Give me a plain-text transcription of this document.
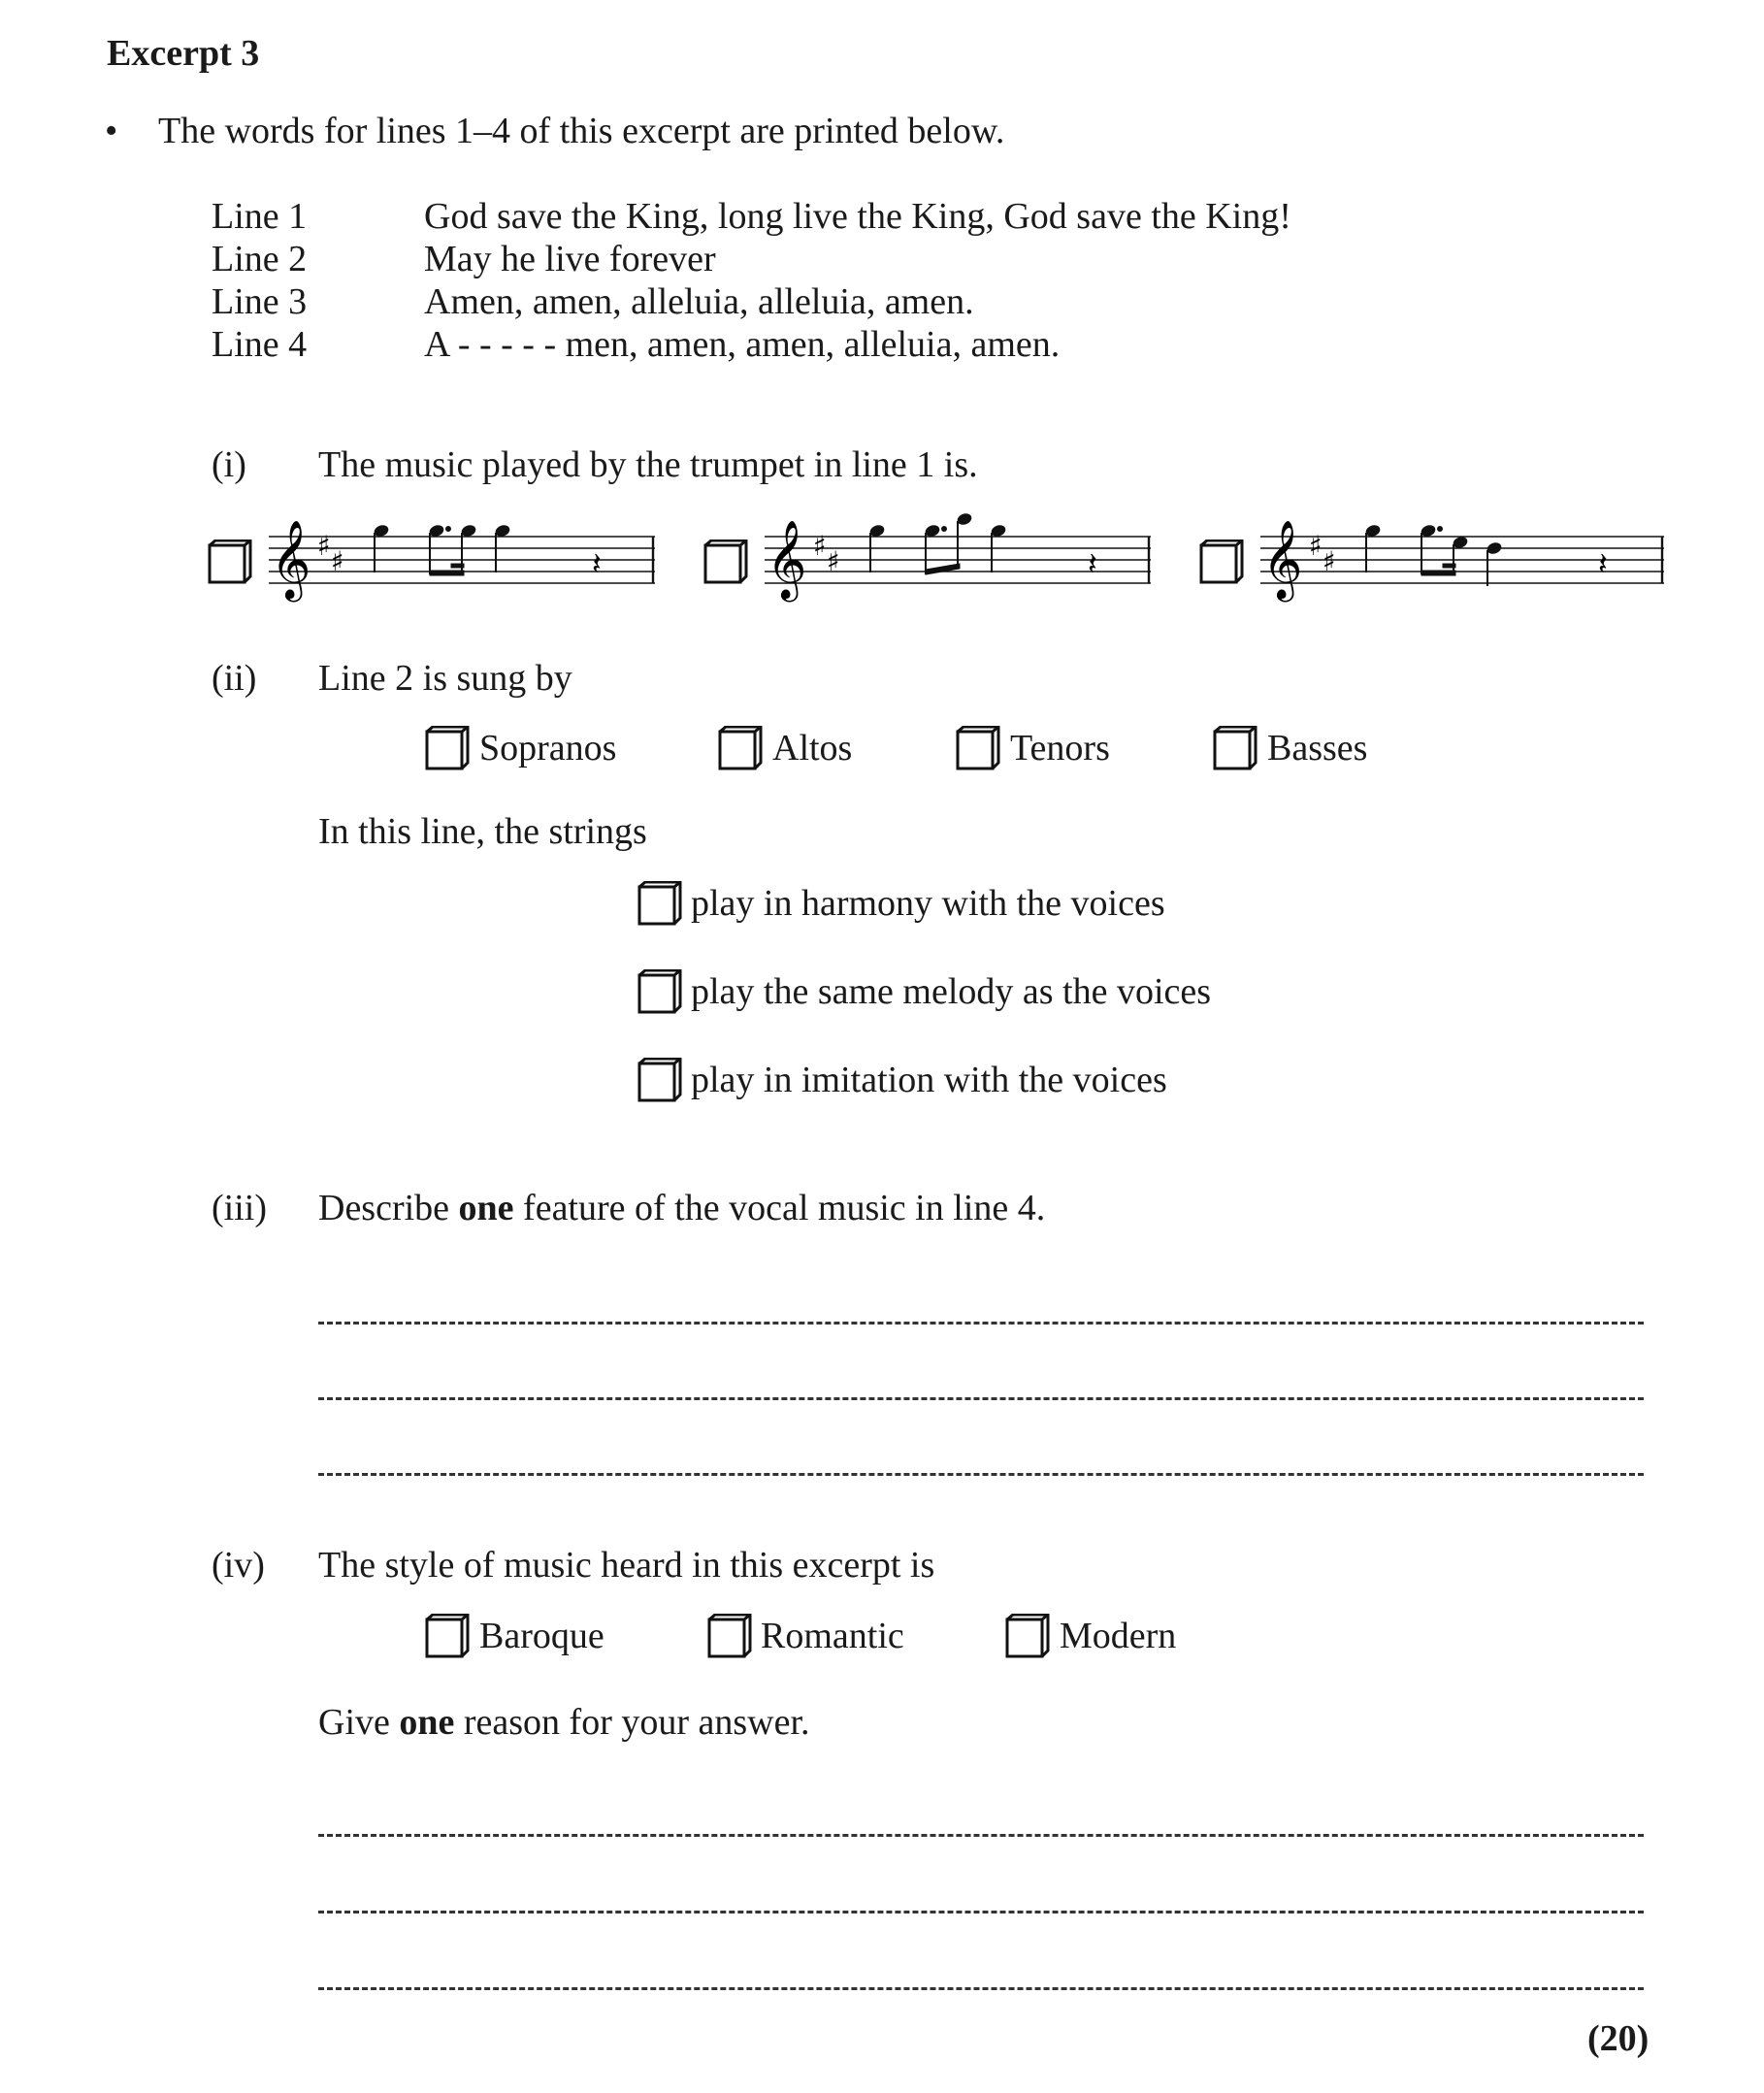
Excerpt 3
• The words for lines 1–4 of this excerpt are printed below.
Line 1	God save the King, long live the King, God save the King!
Line 2	May he live forever
Line 3	Amen, amen, alleluia, alleluia, amen.
Line 4	A - - - - - men, amen, amen, alleluia, amen.
(i) The music played by the trumpet in line 1 is.
𝄞 ♯ ♯	𝄽 𝄞 ♯ ♯	𝄽 𝄞 ♯ ♯	𝄽
(ii) Line 2 is sung by
Sopranos	Altos	Tenors	Basses
In this line, the strings
play in harmony with the voices
play the same melody as the voices
play in imitation with the voices
(iii) Describe one feature of the vocal music in line 4.
(iv) The style of music heard in this excerpt is
Baroque	Romantic	Modern
Give one reason for your answer.
(20)
